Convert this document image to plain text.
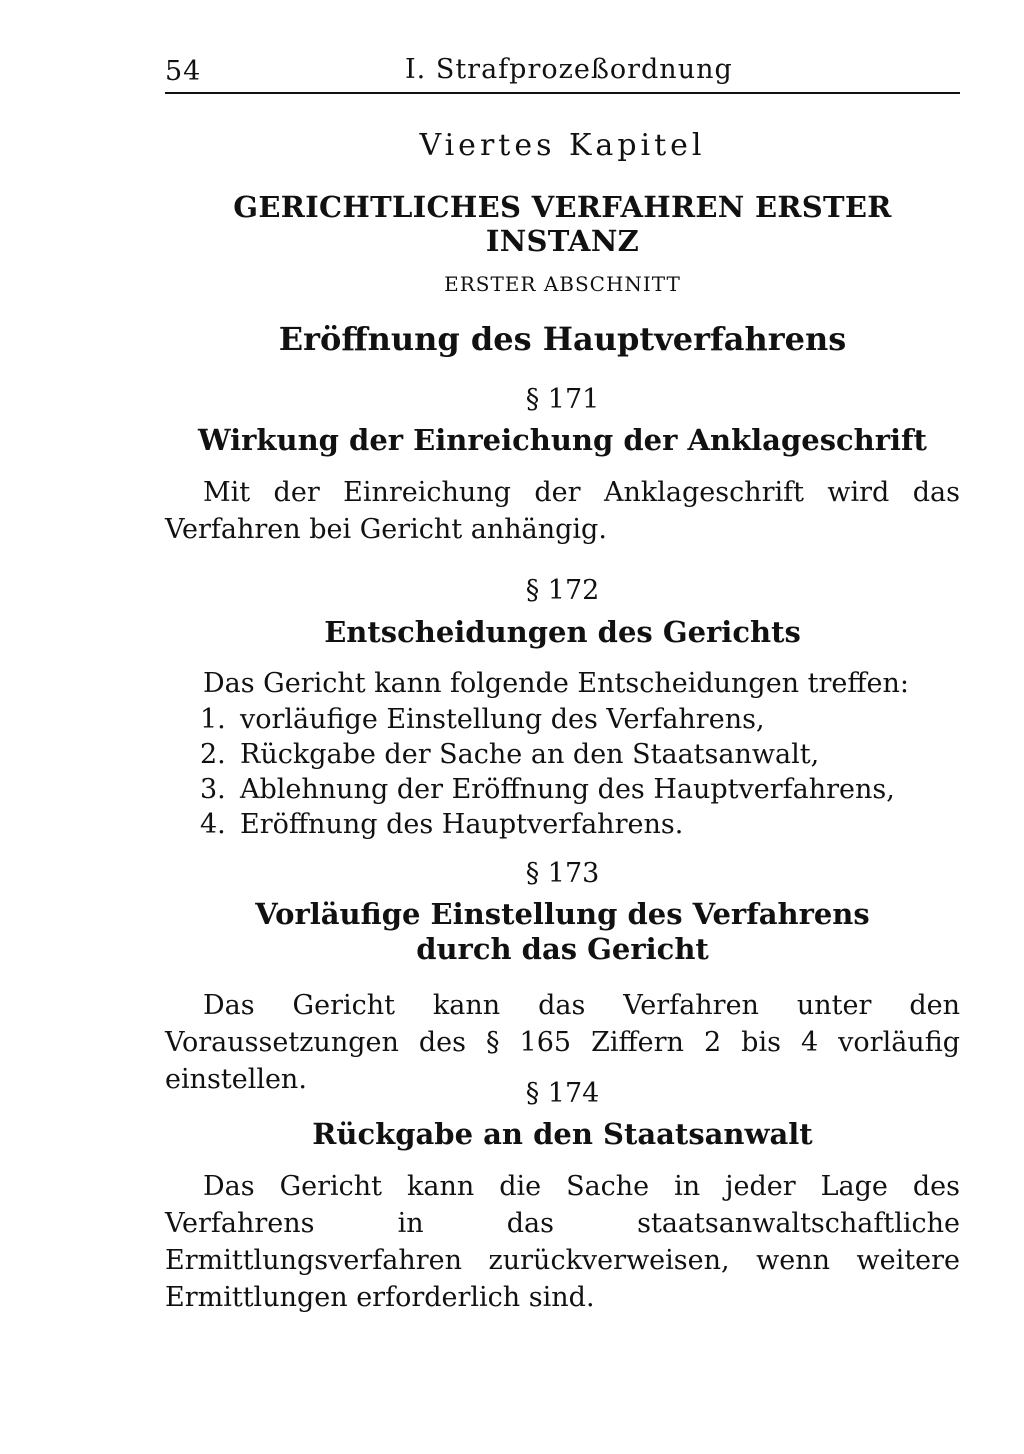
54	I. Strafprozeßordnung
Viertes Kapitel
GERICHTLICHES VERFAHREN ERSTER INSTANZ
ERSTER ABSCHNITT
Eröffnung des Hauptverfahrens
§ 171
Wirkung der Einreichung der Anklageschrift
Mit der Einreichung der Anklageschrift wird das Verfahren bei Gericht anhängig.
§ 172
Entscheidungen des Gerichts
Das Gericht kann folgende Entscheidungen treffen:
1. vorläufige Einstellung des Verfahrens,
2. Rückgabe der Sache an den Staatsanwalt,
3. Ablehnung der Eröffnung des Hauptverfahrens,
4. Eröffnung des Hauptverfahrens.
§ 173
Vorläufige Einstellung des Verfahrens
durch das Gericht
Das Gericht kann das Verfahren unter den Voraussetzungen des § 165 Ziffern 2 bis 4 vorläufig einstellen.	§ 174
Rückgabe an den Staatsanwalt
Das Gericht kann die Sache in jeder Lage des Verfahrens in das staatsanwaltschaftliche Ermittlungsverfahren zurückverweisen, wenn weitere Ermittlungen erforderlich sind.
